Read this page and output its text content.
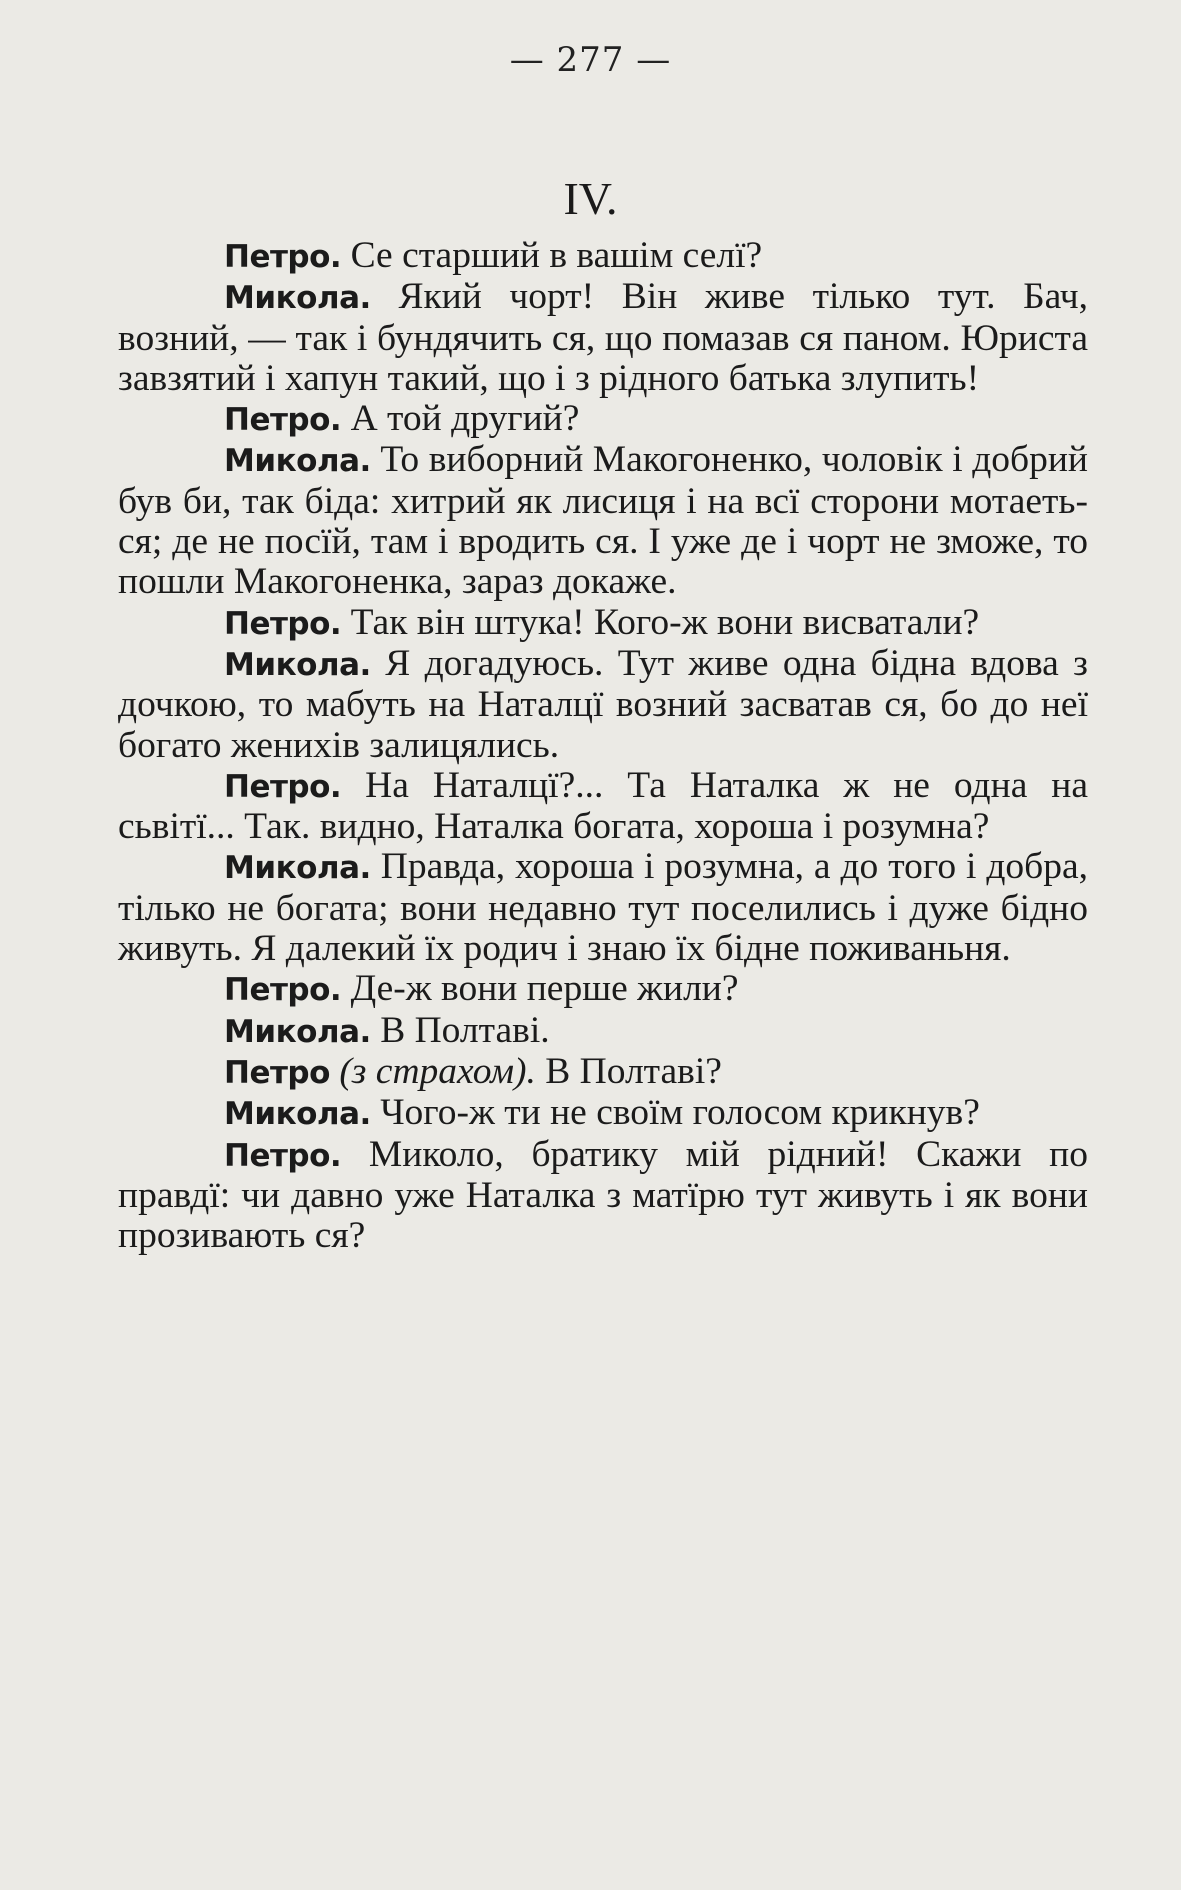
— 277 —
IV.

Петро. Се старший в вашім селї?

Микола. Який чорт! Він живе тілько тут. Бач, возний, — так і бундячить ся, що помазав ся паном. Юриста завзятий і хапун такий, що і з рідного батька злупить!

Петро. А той другий?

Микола. То виборний Макогоненко, чоловік і добрий був би, так біда: хитрий як лисиця і на всї сторони мотаеть-ся; де не посїй, там і вродить ся. І уже де і чорт не зможе, то пошли Макогоненка, зараз докаже.

Петро. Так він штука! Кого-ж вони висватали?

Микола. Я догадуюсь. Тут живе одна бідна вдова з дочкою, то мабуть на Наталцї возний засватав ся, бо до неї богато женихів залицялись.

Петро. На Наталцї?... Та Наталка ж не одна на сьвітї... Так. видно, Наталка богата, хороша і розумна?

Микола. Правда, хороша і розумна, а до того і добра, тілько не богата; вони недавно тут поселились і дуже бідно живуть. Я далекий їх родич і знаю їх бідне поживаньня.

Петро. Де-ж вони перше жили?

Микола. В Полтаві.

Петро (з страхом). В Полтаві?

Микола. Чого-ж ти не своїм голосом крикнув?

Петро. Миколо, братику мій рідний! Скажи по правдї: чи давно уже Наталка з матїрю тут живуть і як вони прозивають ся?
